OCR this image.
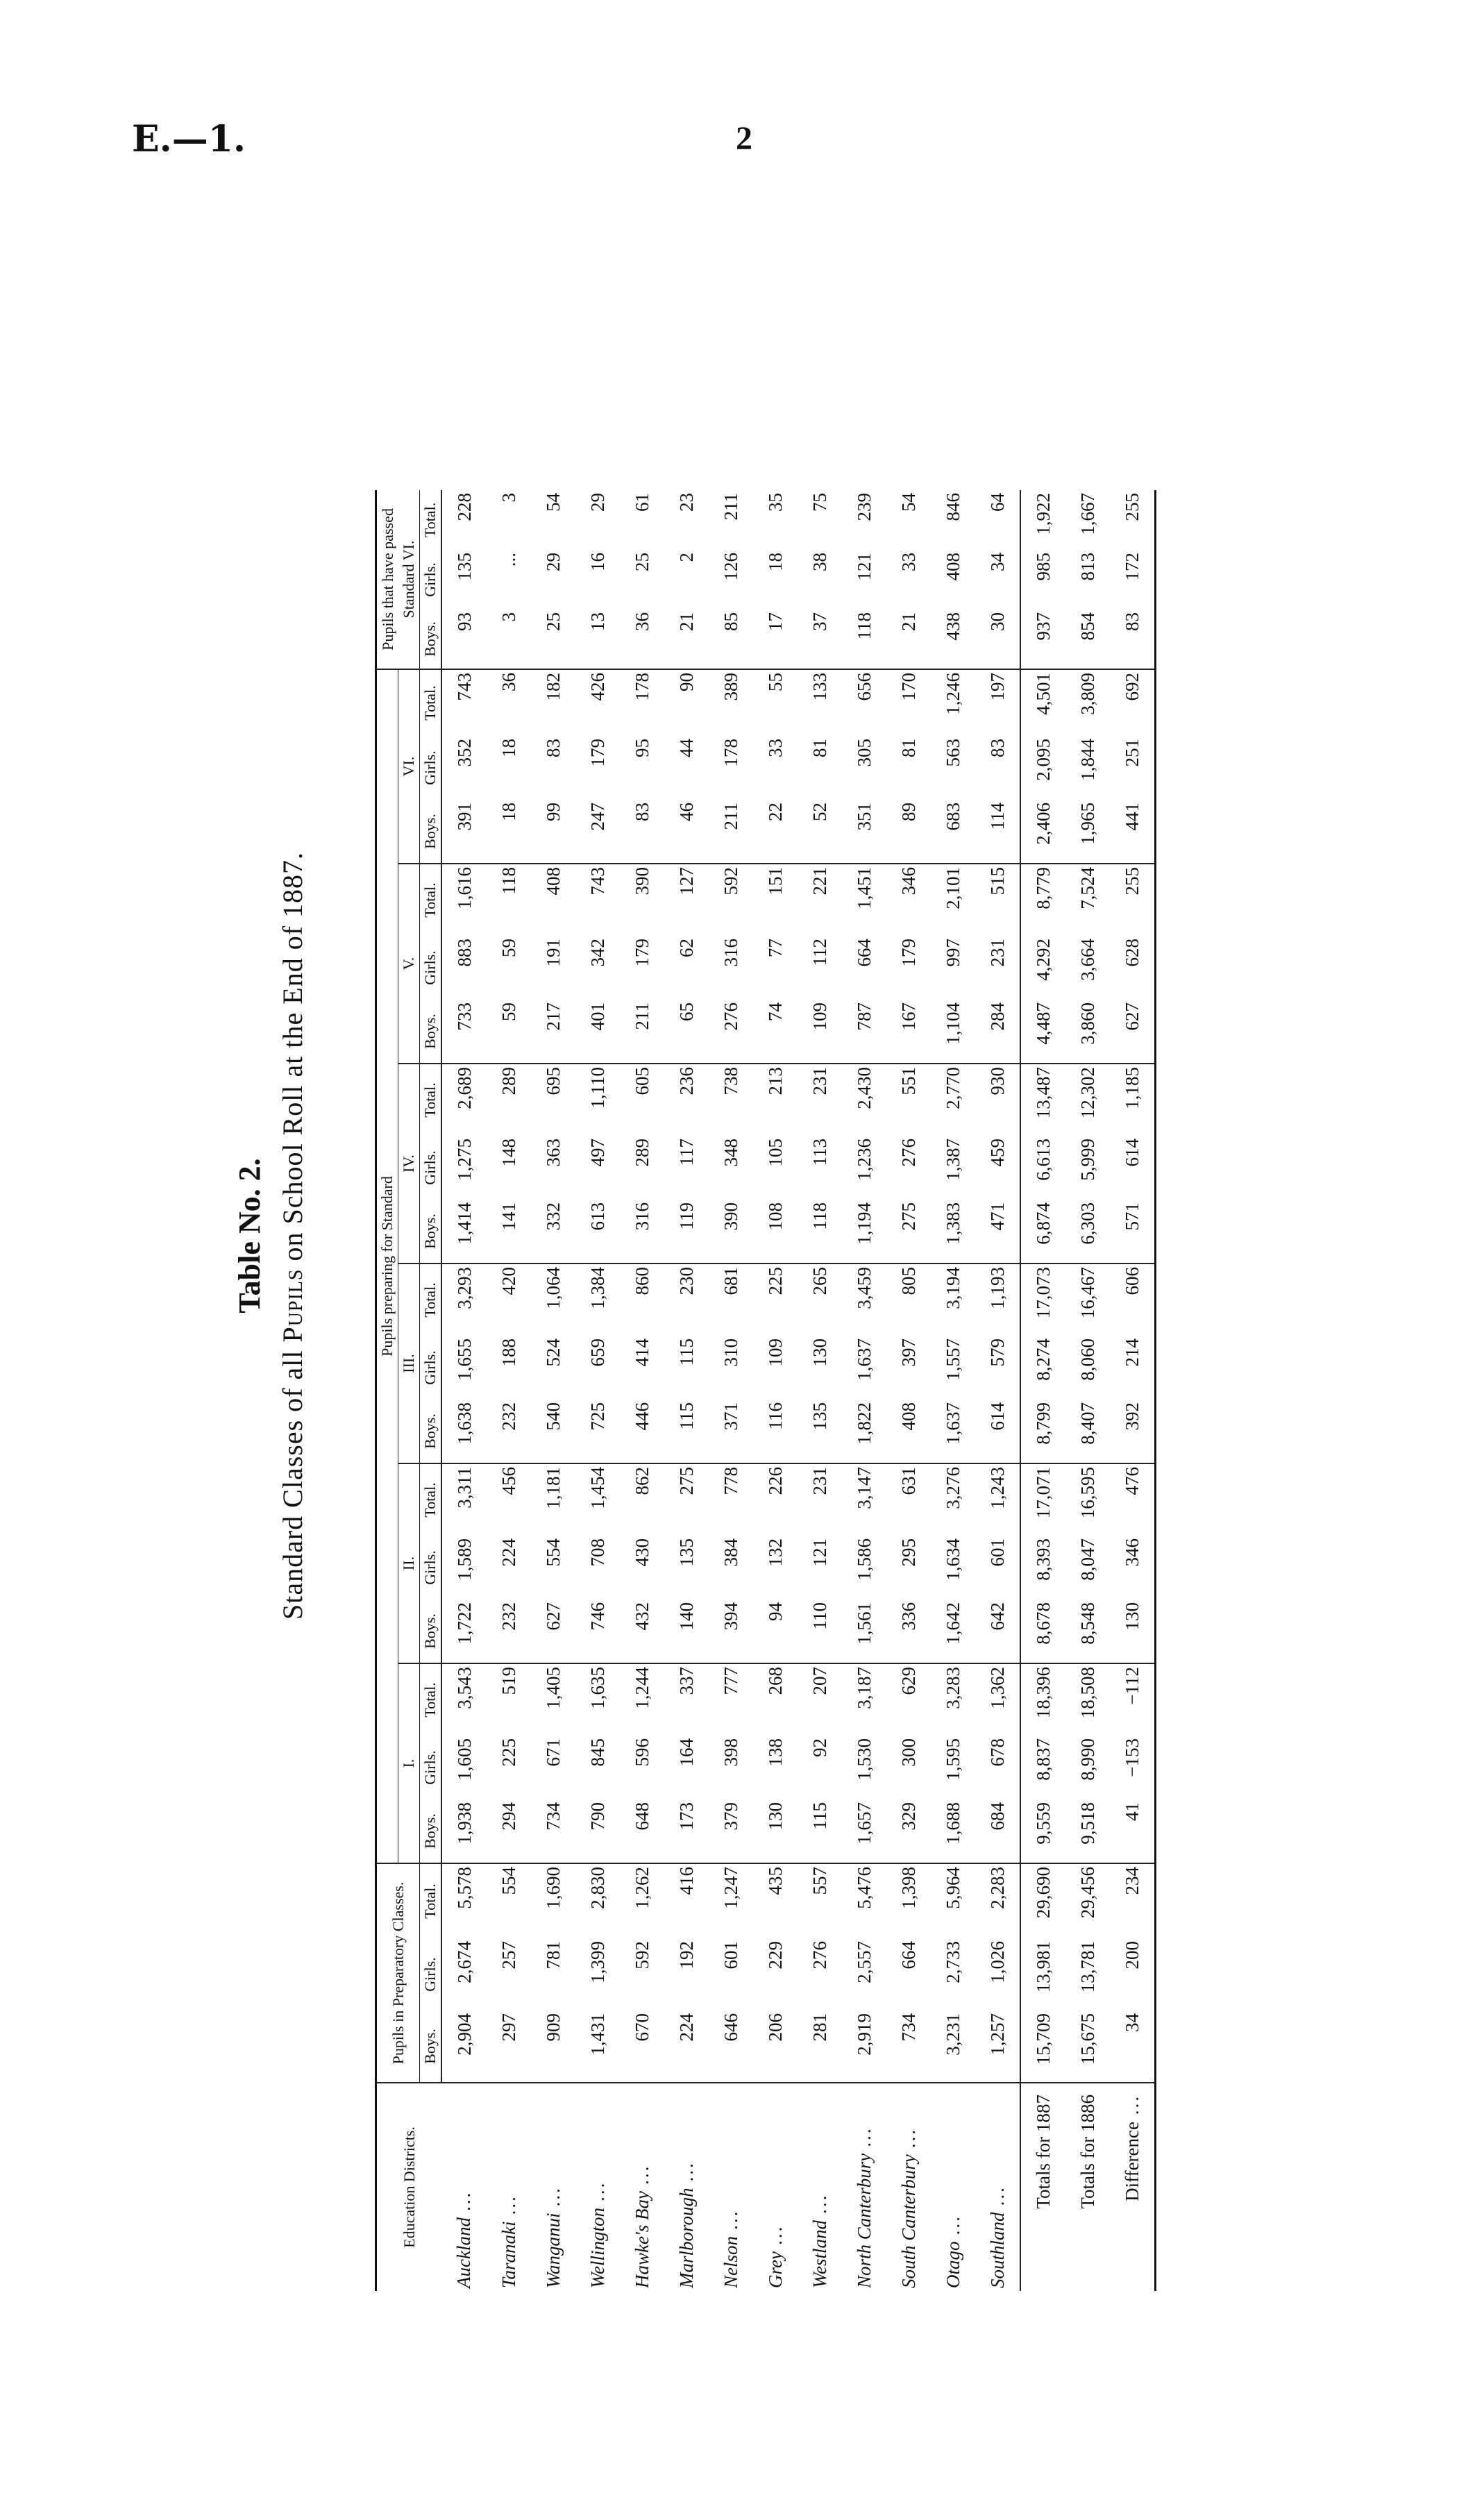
E.—1.	2
Table No. 2.
Standard Classes of all Pupils on School Roll at the End of 1887.
Education Districts.	Pupils in Preparatory Classes.			Pupils preparing for Standard																		Pupils that have passed Standard VI.		
				I.			II.			III.			IV.			V.			VI.					
	Boys.	Girls.	Total.	Boys.	Girls.	Total.	Boys.	Girls.	Total.	Boys.	Girls.	Total.	Boys.	Girls.	Total.	Boys.	Girls.	Total.	Boys.	Girls.	Total.	Boys.	Girls.	Total.
Auckland ...	2,904	2,674	5,578	1,938	1,605	3,543	1,722	1,589	3,311	1,638	1,655	3,293	1,414	1,275	2,689	733	883	1,616	391	352	743	93	135	228
Taranaki ...	297	257	554	294	225	519	232	224	456	232	188	420	141	148	289	59	59	118	18	18	36	3	...	3
Wanganui ...	909	781	1,690	734	671	1,405	627	554	1,181	540	524	1,064	332	363	695	217	191	408	99	83	182	25	29	54
Wellington ...	1,431	1,399	2,830	790	845	1,635	746	708	1,454	725	659	1,384	613	497	1,110	401	342	743	247	179	426	13	16	29
Hawke's Bay ...	670	592	1,262	648	596	1,244	432	430	862	446	414	860	316	289	605	211	179	390	83	95	178	36	25	61
Marlborough ...	224	192	416	173	164	337	140	135	275	115	115	230	119	117	236	65	62	127	46	44	90	21	2	23
Nelson ...	646	601	1,247	379	398	777	394	384	778	371	310	681	390	348	738	276	316	592	211	178	389	85	126	211
Grey ...	206	229	435	130	138	268	94	132	226	116	109	225	108	105	213	74	77	151	22	33	55	17	18	35
Westland ...	281	276	557	115	92	207	110	121	231	135	130	265	118	113	231	109	112	221	52	81	133	37	38	75
North Canterbury ...	2,919	2,557	5,476	1,657	1,530	3,187	1,561	1,586	3,147	1,822	1,637	3,459	1,194	1,236	2,430	787	664	1,451	351	305	656	118	121	239
South Canterbury ...	734	664	1,398	329	300	629	336	295	631	408	397	805	275	276	551	167	179	346	89	81	170	21	33	54
Otago ...	3,231	2,733	5,964	1,688	1,595	3,283	1,642	1,634	3,276	1,637	1,557	3,194	1,383	1,387	2,770	1,104	997	2,101	683	563	1,246	438	408	846
Southland ...	1,257	1,026	2,283	684	678	1,362	642	601	1,243	614	579	1,193	471	459	930	284	231	515	114	83	197	30	34	64
Totals for 1887	15,709	13,981	29,690	9,559	8,837	18,396	8,678	8,393	17,071	8,799	8,274	17,073	6,874	6,613	13,487	4,487	4,292	8,779	2,406	2,095	4,501	937	985	1,922
Totals for 1886	15,675	13,781	29,456	9,518	8,990	18,508	8,548	8,047	16,595	8,407	8,060	16,467	6,303	5,999	12,302	3,860	3,664	7,524	1,965	1,844	3,809	854	813	1,667
Difference ...	34	200	234	41	−153	−112	130	346	476	392	214	606	571	614	1,185	627	628	255	441	251	692	83	172	255
